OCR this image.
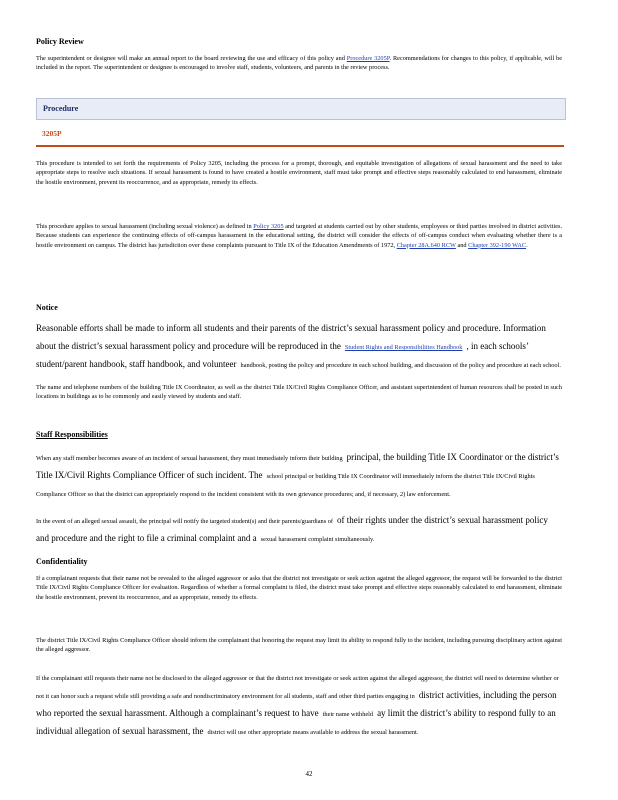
Policy Review
The superintendent or designee will make an annual report to the board reviewing the use and efficacy of this policy and Procedure 3205P. Recommendations for changes to this policy, if applicable, will be included in the report. The superintendent or designee is encouraged to involve staff, students, volunteers, and parents in the review process.
Procedure
3205P
This procedure is intended to set forth the requirements of Policy 3205, including the process for a prompt, thorough, and equitable investigation of allegations of sexual harassment and the need to take appropriate steps to resolve such situations. If sexual harassment is found to have created a hostile environment, staff must take prompt and effective steps reasonably calculated to end harassment, eliminate the hostile environment, prevent its reoccurrence, and as appropriate, remedy its effects.
This procedure applies to sexual harassment (including sexual violence) as defined in Policy 3205 and targeted at students carried out by other students, employees or third parties involved in district activities. Because students can experience the continuing effects of off-campus harassment in the educational setting, the district will consider the effects of off-campus conduct when evaluating whether there is a hostile environment on campus. The district has jurisdiction over these complaints pursuant to Title IX of the Education Amendments of 1972, Chapter 28A.640 RCW and Chapter 392-190 WAC.
Notice
Reasonable efforts shall be made to inform all students and their parents of the district’s sexual harassment policy and procedure. Information about the district’s sexual harassment policy and procedure will be reproduced in the Student Rights and Responsibilities Handbook , in each schools’ student/parent handbook, staff handbook, and volunteer handbook, posting the policy and procedure in each school building, and discussion of the policy and procedure at each school.
The name and telephone numbers of the building Title IX Coordinator, as well as the district Title IX/Civil Rights Compliance Officer, and assistant superintendent of human resources shall be posted in such locations in buildings as to be commonly and easily viewed by students and staff.
Staff Responsibilities
When any staff member becomes aware of an incident of sexual harassment, they must immediately inform their building principal, the building Title IX Coordinator or the district’s Title IX/Civil Rights Compliance Officer of such incident. The school principal or building Title IX Coordinator will immediately inform the district Title IX/Civil Rights Compliance Officer so that the district can appropriately respond to the incident consistent with its own grievance procedures; and, if necessary, 2) law enforcement.
In the event of an alleged sexual assault, the principal will notify the targeted student(s) and their parents/guardians of of their rights under the district’s sexual harassment policy and procedure and the right to file a criminal complaint and a sexual harassment complaint simultaneously.
Confidentiality
If a complainant requests that their name not be revealed to the alleged aggressor or asks that the district not investigate or seek action against the alleged aggressor, the request will be forwarded to the district Title IX/Civil Rights Compliance Officer for evaluation. Regardless of whether a formal complaint is filed, the district must take prompt and effective steps reasonably calculated to end harassment, eliminate the hostile environment, prevent its reoccurrence, and as appropriate, remedy its effects.
The district Title IX/Civil Rights Compliance Officer should inform the complainant that honoring the request may limit its ability to respond fully to the incident, including pursuing disciplinary action against the alleged aggressor.
If the complainant still requests their name not be disclosed to the alleged aggressor or that the district not investigate or seek action against the alleged aggressor, the district will need to determine whether or not it can honor such a request while still providing a safe and nondiscriminatory environment for all students, staff and other third parties engaging in district activities, including the person who reported the sexual harassment. Although a complainant’s request to have their name withheld ay limit the district’s ability to respond fully to an individual allegation of sexual harassment, the district will use other appropriate means available to address the sexual harassment.
42
